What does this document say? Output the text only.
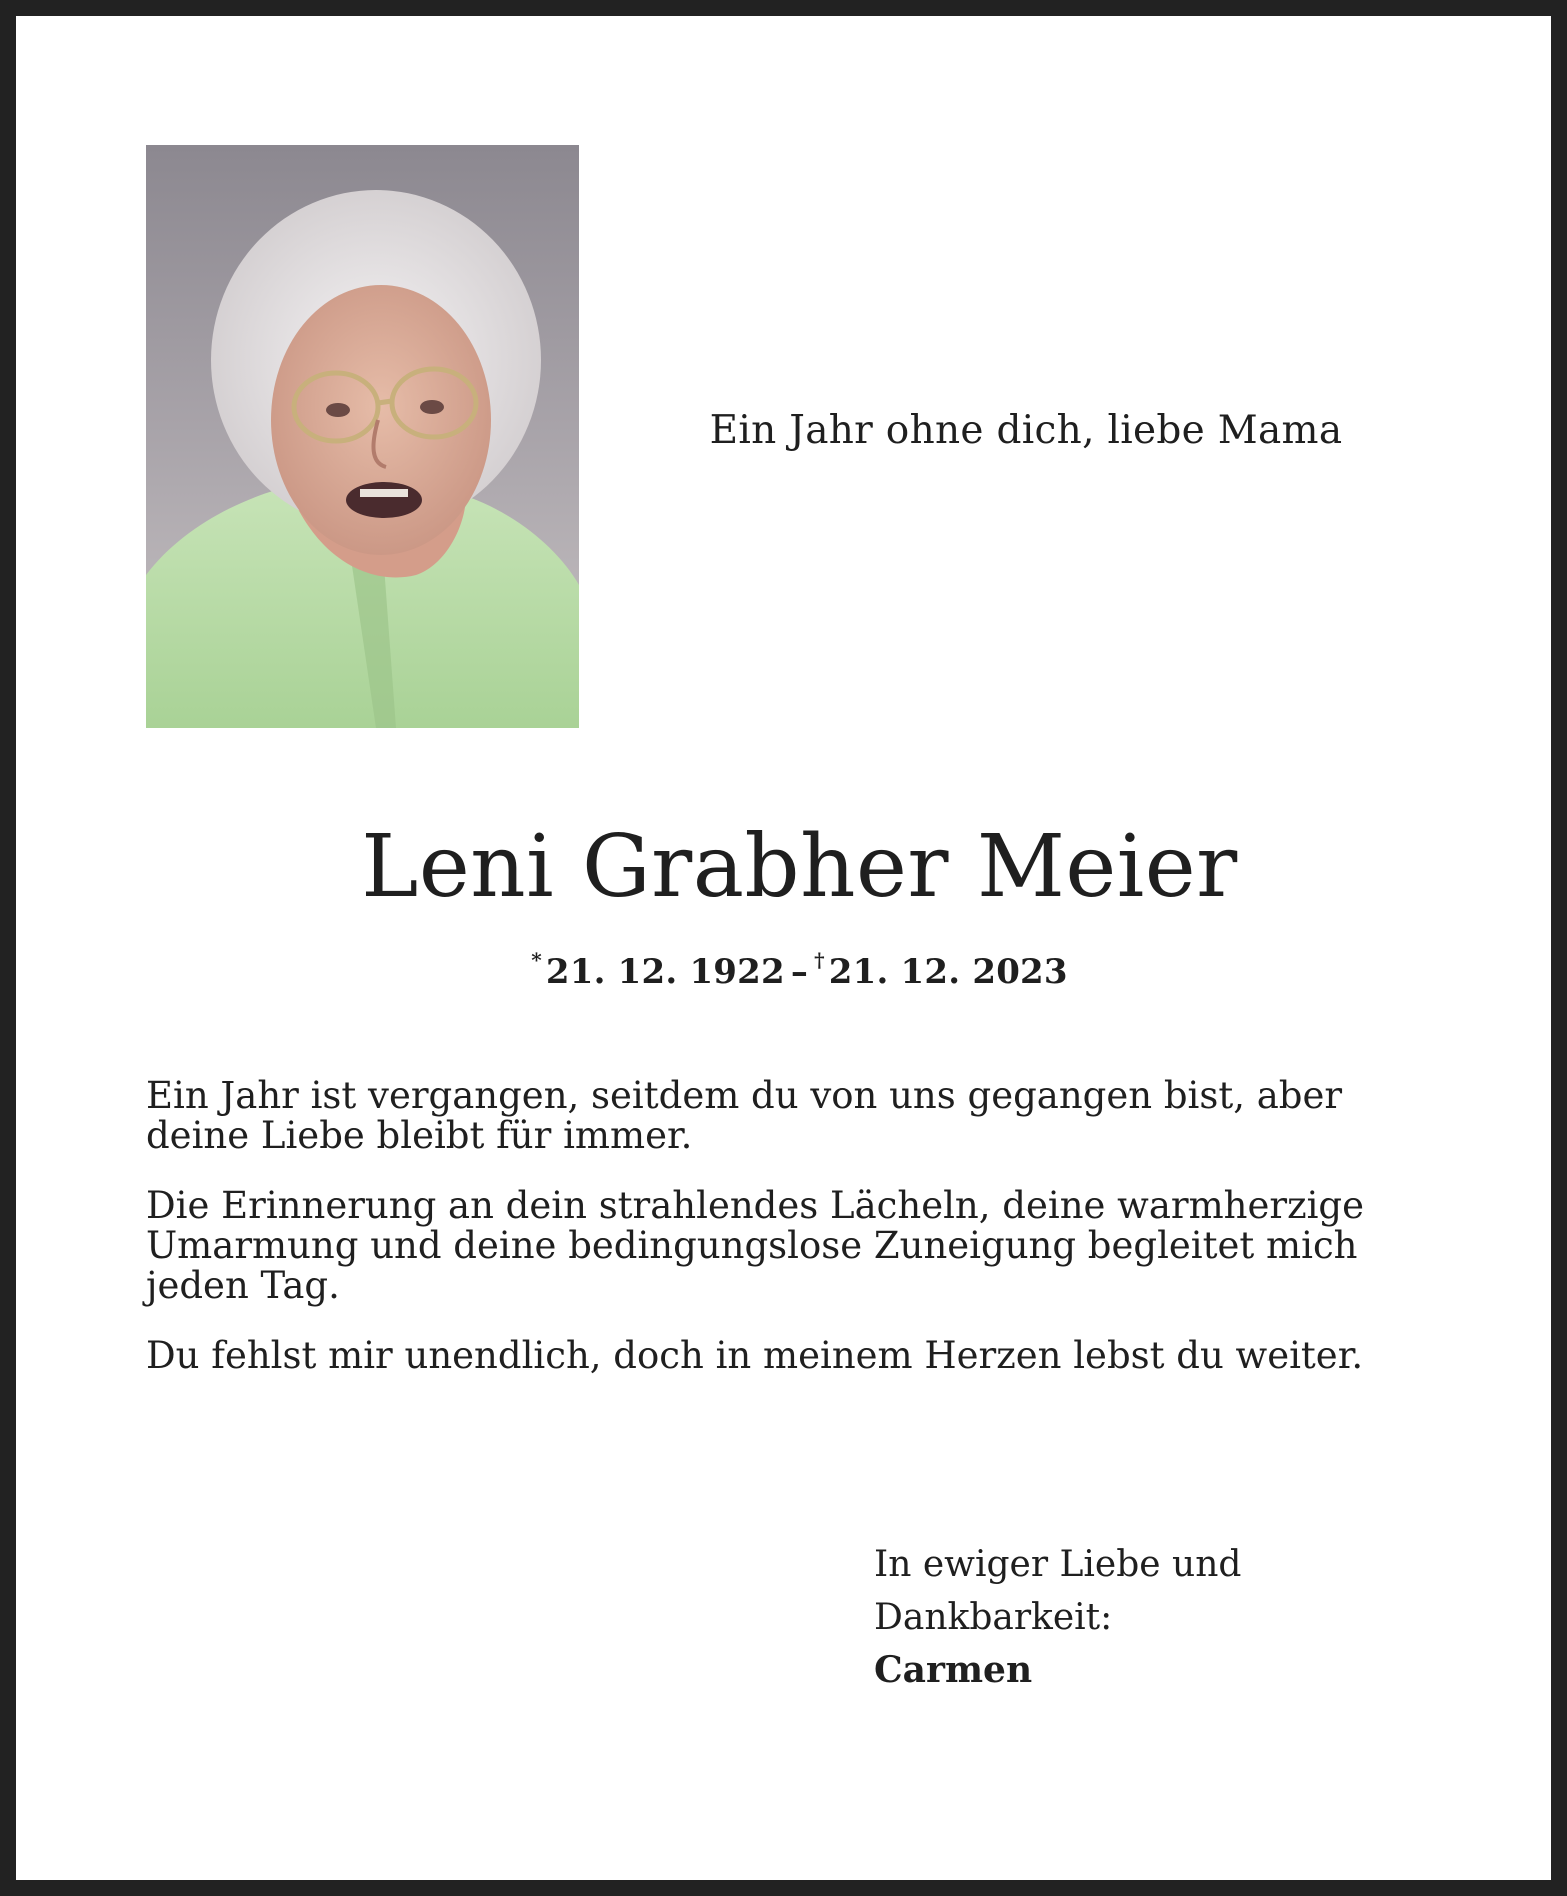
Ein Jahr ohne dich, liebe Mama
Leni Grabher Meier
* 21. 12. 1922 – † 21. 12. 2023

Ein Jahr ist vergangen, seitdem du von uns gegangen bist, aber deine Liebe bleibt für immer.

Die Erinnerung an dein strahlendes Lächeln, deine warmherzige Umarmung und deine bedingungslose Zuneigung begleitet mich jeden Tag.

Du fehlst mir unendlich, doch in meinem Herzen lebst du weiter.

In ewiger Liebe und Dankbarkeit:
Carmen
